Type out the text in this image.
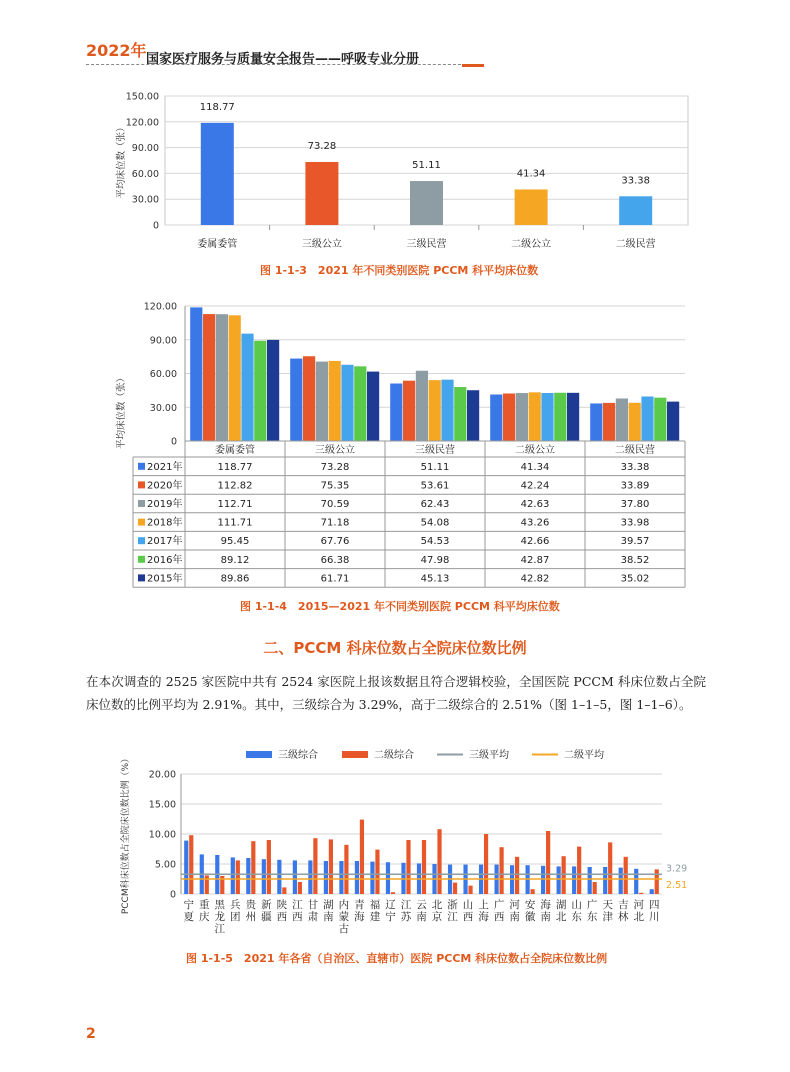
2022年 国家医疗服务与质量安全报告——呼吸专业分册
0
30.00
60.00
90.00
120.00
150.00
平均床位数（张）
118.77
委属委管
73.28
三级公立
51.11
三级民营
41.34
二级公立
33.38
二级民营
图 1-1-3　2021 年不同类别医院 PCCM 科平均床位数
0
30.00
60.00
90.00
120.00
平均床位数（张）
委属委管	三级公立	三级民营	二级公立	二级民营
2021年	118.77	73.28	51.11	41.34	33.38
2020年	112.82	75.35	53.61	42.24	33.89
2019年	112.71	70.59	62.43	42.63	37.80
2018年	111.71	71.18	54.08	43.26	33.98
2017年	95.45	67.76	54.53	42.66	39.57
2016年	89.12	66.38	47.98	42.87	38.52
2015年	89.86	61.71	45.13	42.82	35.02
图 1-1-4　2015—2021 年不同类别医院 PCCM 科平均床位数
二、PCCM 科床位数占全院床位数比例
在本次调查的 2525 家医院中共有 2524 家医院上报该数据且符合逻辑校验，全国医院 PCCM 科床位数占全院床位数的比例平均为 2.91%。其中，三级综合为 3.29%，高于二级综合的 2.51%（图 1–1–5，图 1–1–6）。
三级综合	二级综合	三级平均	二级平均
0
5.00
10.00
15.00
20.00
PCCM科床位数占全院床位数比例（%）	宁
夏
重
庆
黑
龙
江
兵
团
贵
州
新
疆
陕
西
江
西
甘
肃
湖
南
内
蒙
古
青
海
福
建
辽
宁
江
苏
云
南
北
京
浙
江
山
西
上
海
广
西
河
南
安
徽
海
南
湖
北
山
东
广
东
天
津
吉
林
河
北
四
川
3.29
2.51
图 1-1-5　2021 年各省（自治区、直辖市）医院 PCCM 科床位数占全院床位数比例
2
